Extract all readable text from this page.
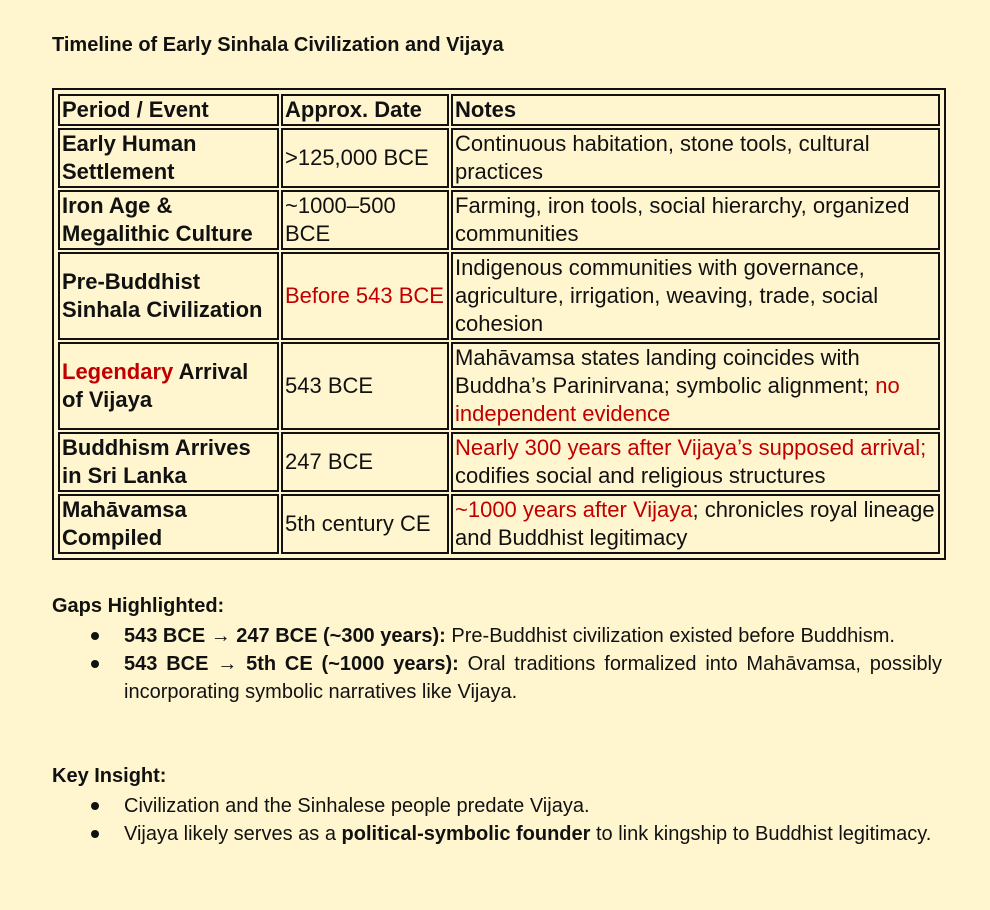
Timeline of Early Sinhala Civilization and Vijaya
Period / Event	Approx. Date	Notes
Early Human Settlement	>125,000 BCE	Continuous habitation, stone tools, cultural practices
Iron Age & Megalithic Culture	~1000–500 BCE	Farming, iron tools, social hierarchy, organized communities
Pre-Buddhist Sinhala Civilization	Before 543 BCE	Indigenous communities with governance, agriculture, irrigation, weaving, trade, social cohesion
Legendary Arrival of Vijaya	543 BCE	Mahāvamsa states landing coincides with Buddha’s Parinirvana; symbolic alignment; no independent evidence
Buddhism Arrives in Sri Lanka	247 BCE	Nearly 300 years after Vijaya’s supposed arrival; codifies social and religious structures
Mahāvamsa Compiled	5th century CE	~1000 years after Vijaya; chronicles royal lineage and Buddhist legitimacy
Gaps Highlighted:
543 BCE → 247 BCE (~300 years): Pre-Buddhist civilization existed before Buddhism.
543 BCE → 5th CE (~1000 years): Oral traditions formalized into Mahāvamsa, possibly incorporating symbolic narratives like Vijaya.
Key Insight:
Civilization and the Sinhalese people predate Vijaya.
Vijaya likely serves as a political-symbolic founder to link kingship to Buddhist legitimacy.
